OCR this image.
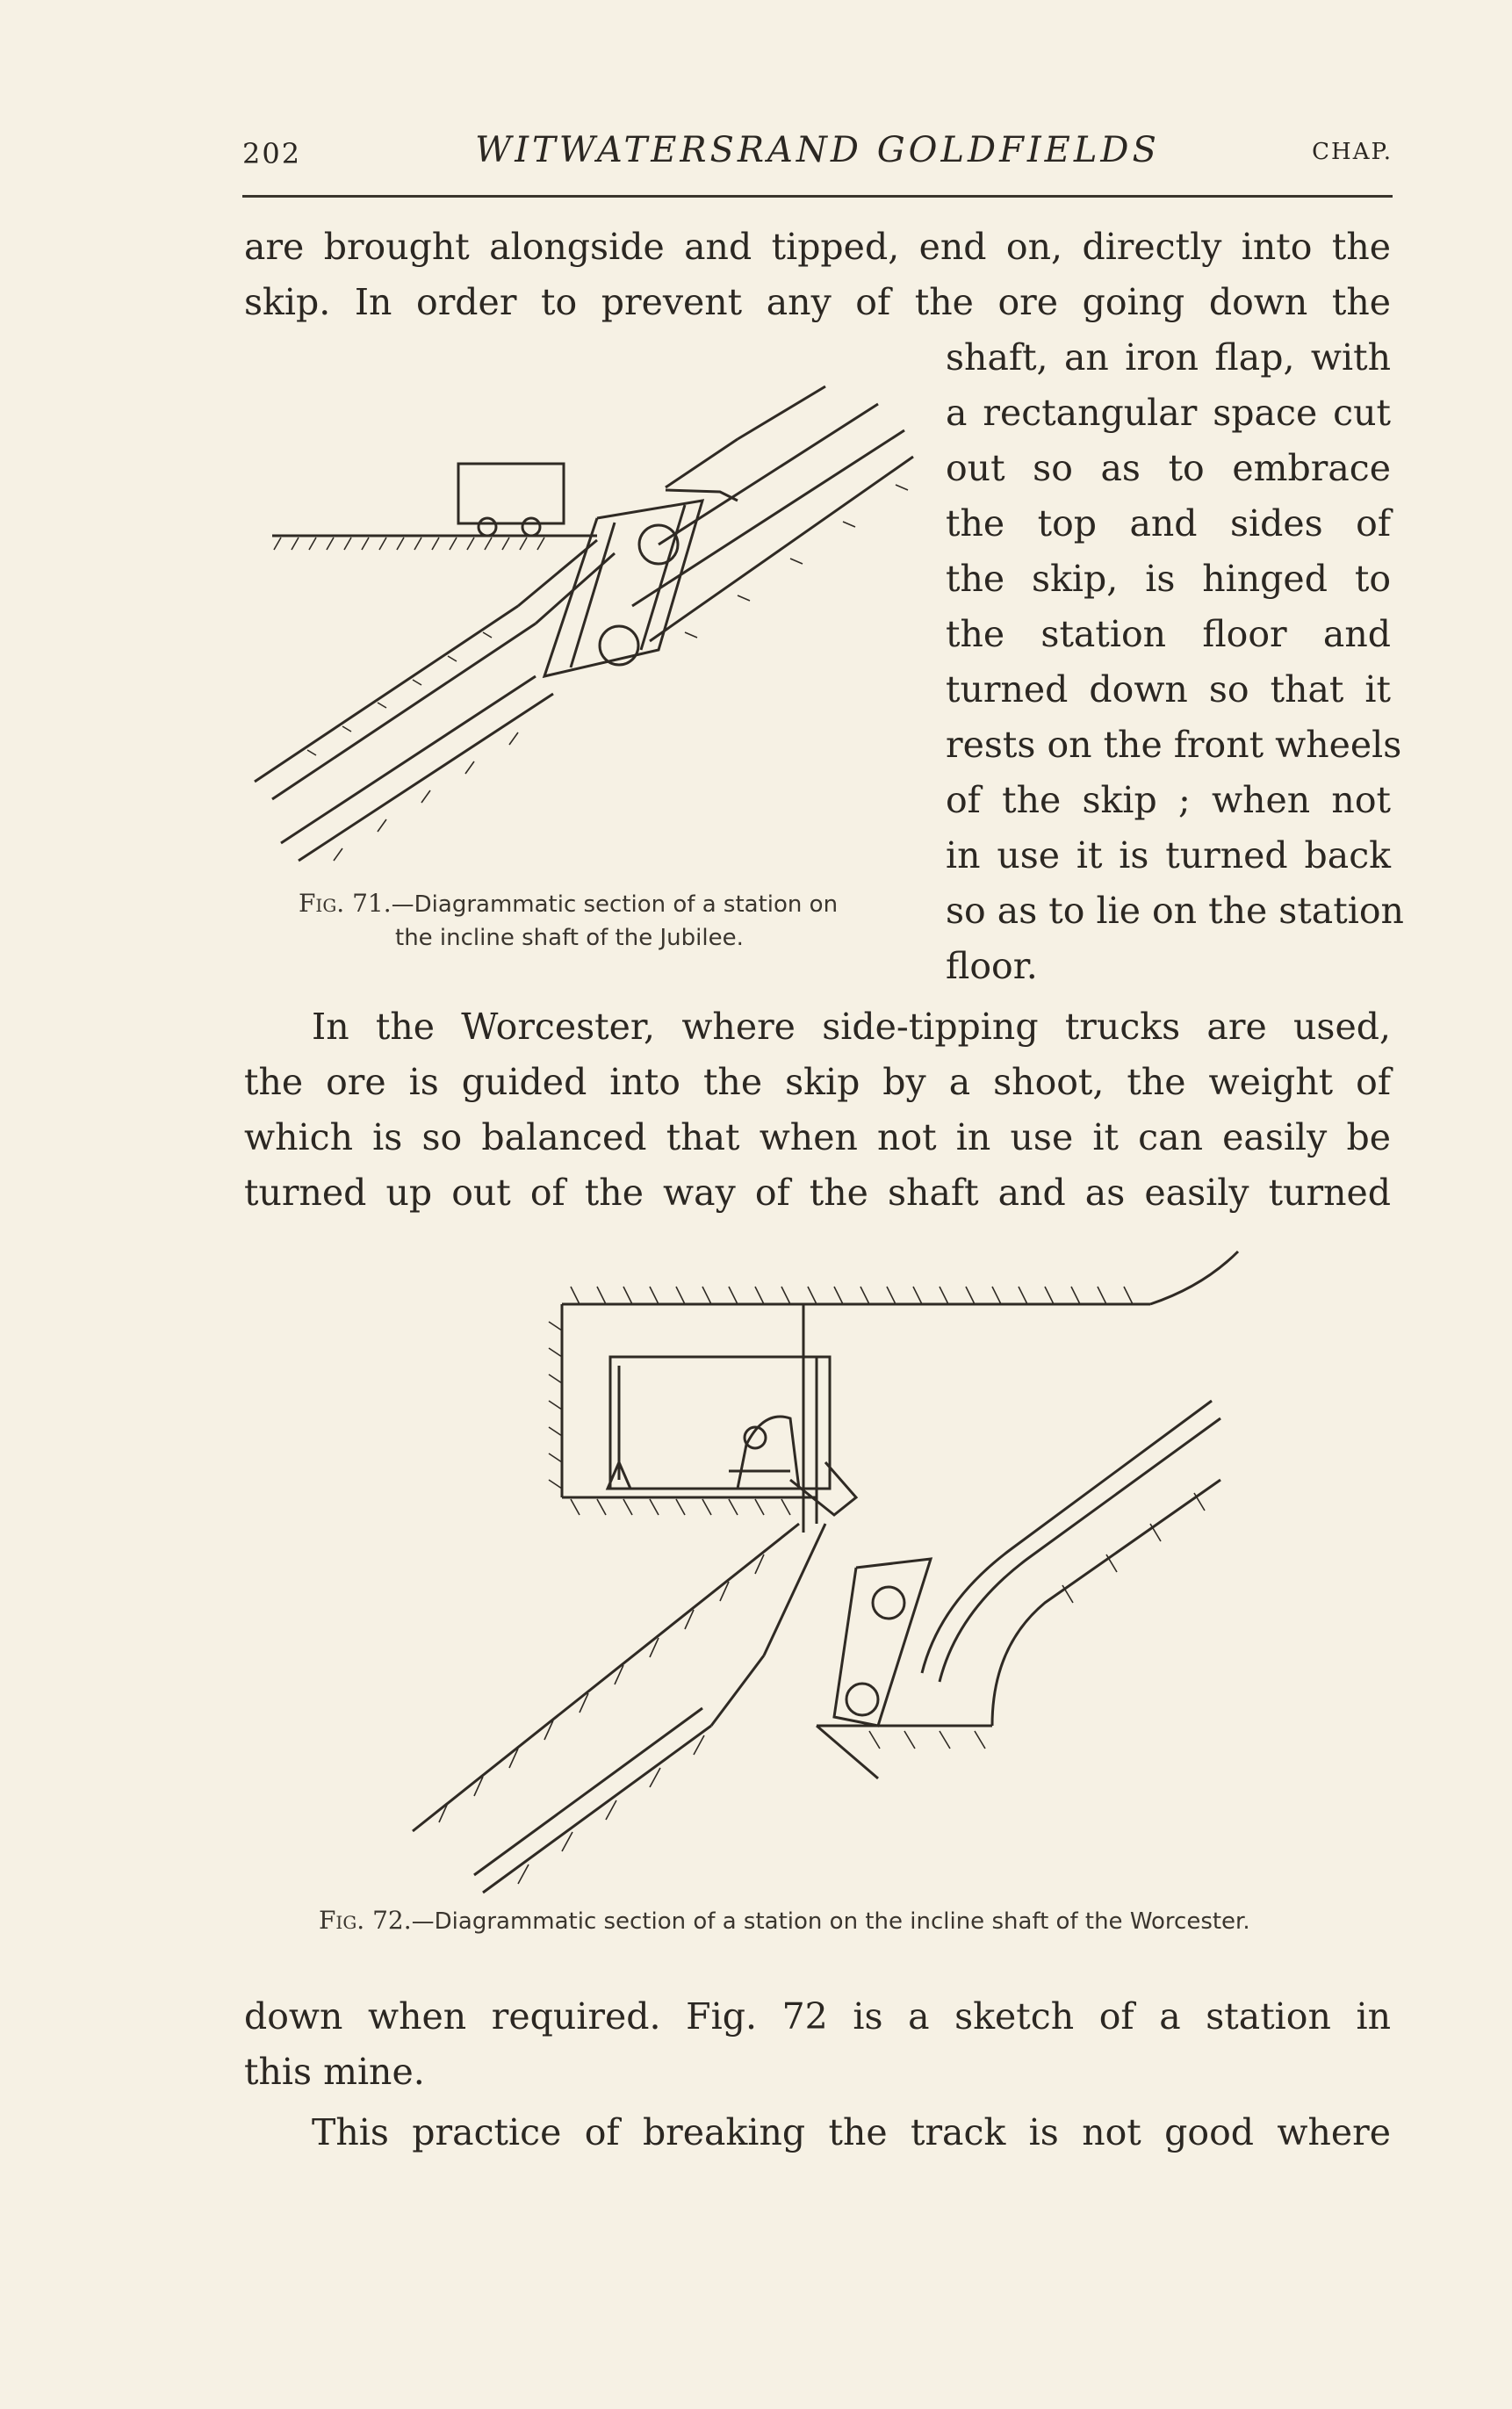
202	WITWATERSRAND GOLDFIELDS	CHAP.
are brought alongside and tipped, end on, directly into the
skip. In order to prevent any of the ore going down the
shaft, an iron flap, with
a rectangular space cut
out so as to embrace
the top and sides of
the skip, is hinged to
the station floor and
turned down so that it
rests on the front wheels
of the skip ; when not
in use it is turned back
so as to lie on the station
floor.
In the Worcester, where side-tipping trucks are used,
the ore is guided into the skip by a shoot, the weight of
which is so balanced that when not in use it can easily be
turned up out of the way of the shaft and as easily turned
down when required. Fig. 72 is a sketch of a station in
this mine.
This practice of breaking the track is not good where
Fig. 71.—Diagrammatic section of a station on
the incline shaft of the Jubilee.
Fig. 72.—Diagrammatic section of a station on the incline shaft of the Worcester.
